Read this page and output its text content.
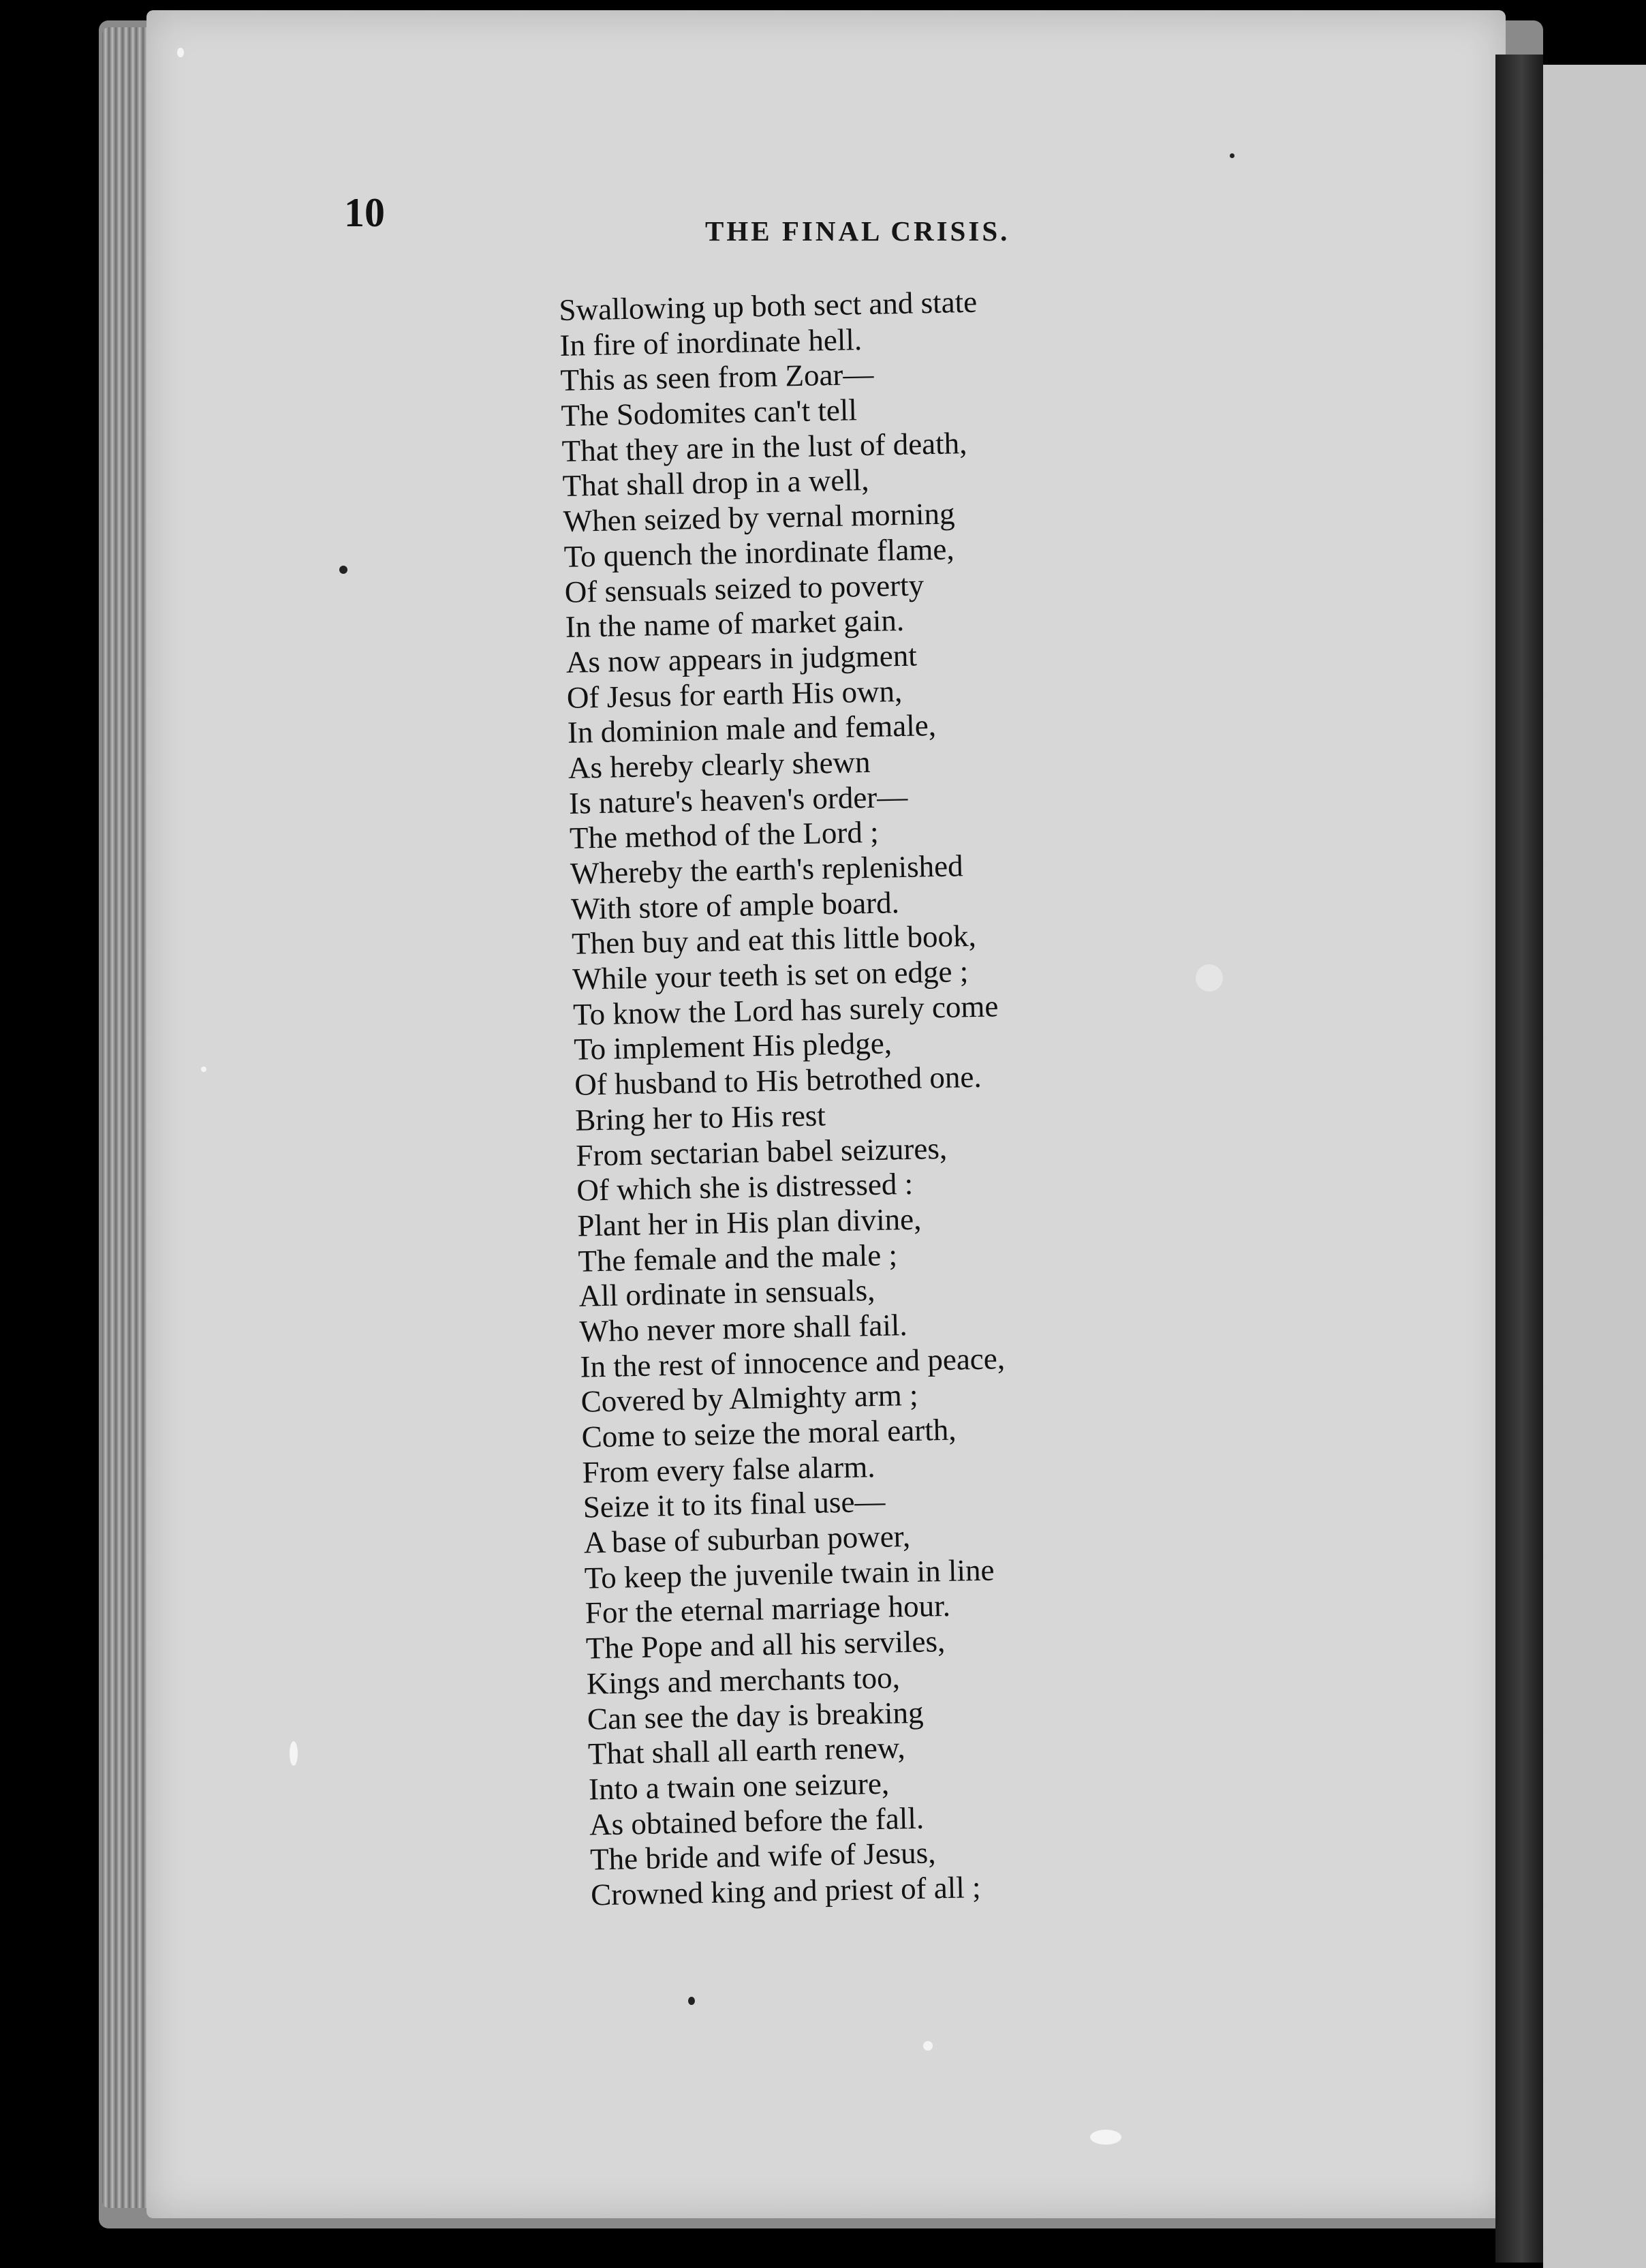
10	THE FINAL CRISIS.
Swallowing up both sect and state
In fire of inordinate hell.
This as seen from Zoar—
The Sodomites can't tell
That they are in the lust of death,
That shall drop in a well,
When seized by vernal morning
To quench the inordinate flame,
Of sensuals seized to poverty
In the name of market gain.
As now appears in judgment
Of Jesus for earth His own,
In dominion male and female,
As hereby clearly shewn
Is nature's heaven's order—
The method of the Lord ;
Whereby the earth's replenished
With store of ample board.
Then buy and eat this little book,
While your teeth is set on edge ;
To know the Lord has surely come
To implement His pledge,
Of husband to His betrothed one.
Bring her to His rest
From sectarian babel seizures,
Of which she is distressed :
Plant her in His plan divine,
The female and the male ;
All ordinate in sensuals,
Who never more shall fail.
In the rest of innocence and peace,
Covered by Almighty arm ;
Come to seize the moral earth,
From every false alarm.
Seize it to its final use—
A base of suburban power,
To keep the juvenile twain in line
For the eternal marriage hour.
The Pope and all his serviles,
Kings and merchants too,
Can see the day is breaking
That shall all earth renew,
Into a twain one seizure,
As obtained before the fall.
The bride and wife of Jesus,
Crowned king and priest of all ;
